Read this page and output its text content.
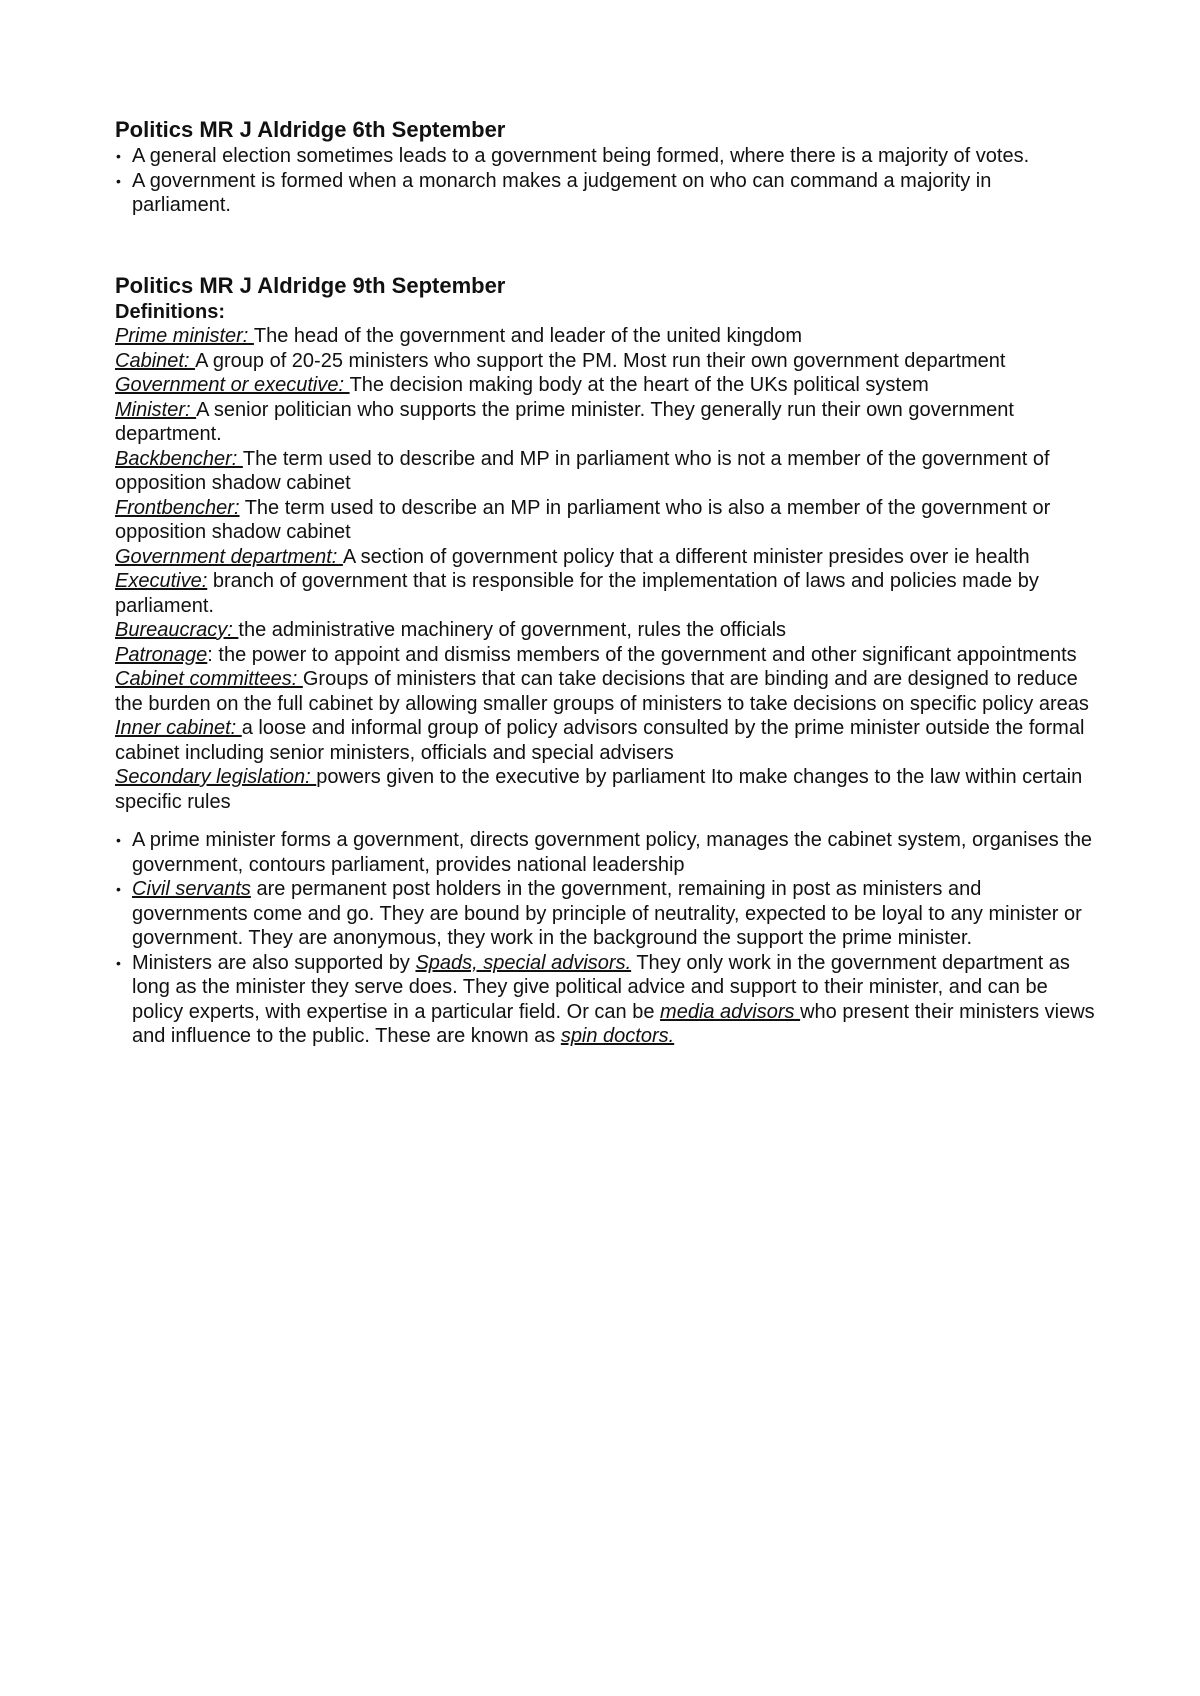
Politics MR J Aldridge 6th September

• A general election sometimes leads to a government being formed, where there is a majority of votes.
• A government is formed when a monarch makes a judgement on who can command a majority in parliament.

Politics MR J Aldridge 9th September

Definitions:

Prime minister: The head of the government and leader of the united kingdom

Cabinet: A group of 20-25 ministers who support the PM. Most run their own government department

Government or executive: The decision making body at the heart of the UKs political system

Minister: A senior politician who supports the prime minister. They generally run their own government department.

Backbencher: The term used to describe and MP in parliament who is not a member of the government of opposition shadow cabinet

Frontbencher: The term used to describe an MP in parliament who is also a member of the government or opposition shadow cabinet

Government department: A section of government policy that a different minister presides over ie health

Executive: branch of government that is responsible for the implementation of laws and policies made by parliament.

Bureaucracy: the administrative machinery of government, rules the officials

Patronage: the power to appoint and dismiss members of the government and other significant appointments

Cabinet committees: Groups of ministers that can take decisions that are binding and are designed to reduce the burden on the full cabinet by allowing smaller groups of ministers to take decisions on specific policy areas

Inner cabinet: a loose and informal group of policy advisors consulted by the prime minister outside the formal cabinet including senior ministers, officials and special advisers

Secondary legislation: powers given to the executive by parliament Ito make changes to the law within certain specific rules

• A prime minister forms a government, directs government policy, manages the cabinet system, organises the government, contours parliament, provides national leadership
• Civil servants are permanent post holders in the government, remaining in post as ministers and governments come and go. They are bound by principle of neutrality, expected to be loyal to any minister or government. They are anonymous, they work in the background the support the prime minister.
• Ministers are also supported by Spads, special advisors. They only work in the government department as long as the minister they serve does. They give political advice and support to their minister, and can be policy experts, with expertise in a particular field. Or can be media advisors who present their ministers views and influence to the public. These are known as spin doctors.
